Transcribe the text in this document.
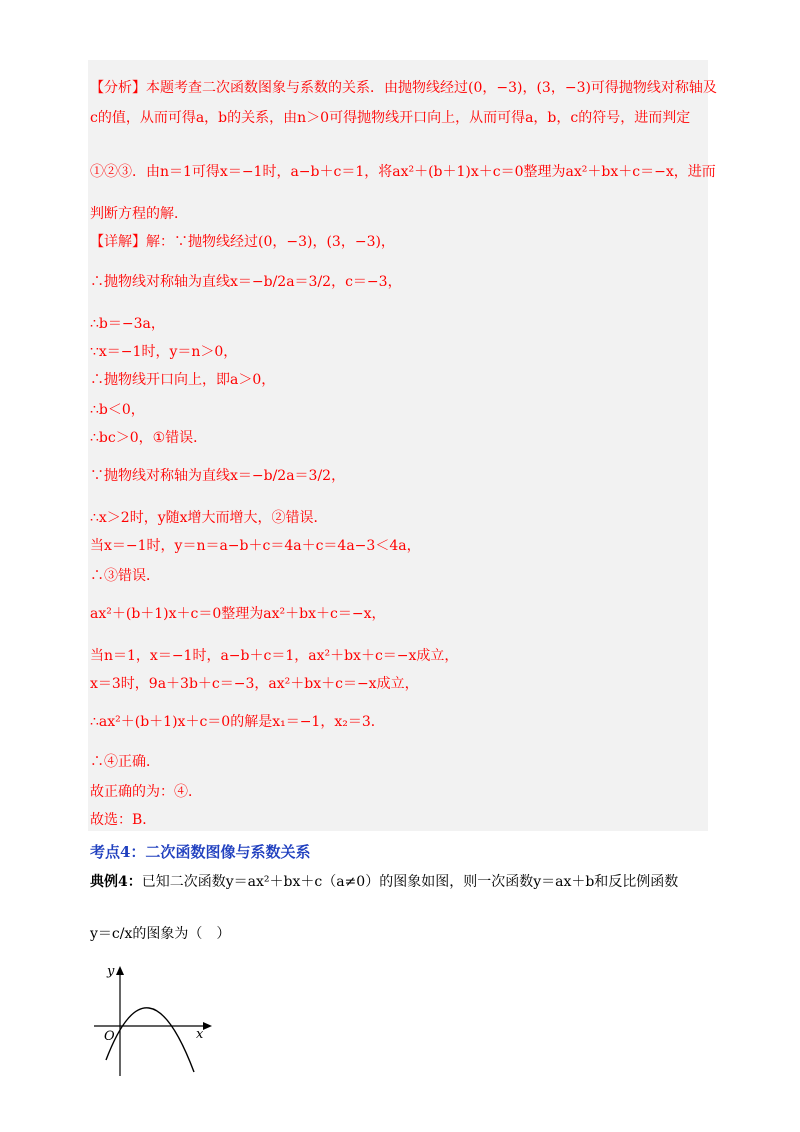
【分析】本题考查二次函数图象与系数的关系．由抛物线经过(0，−3)，(3，−3)可得抛物线对称轴及
c的值，从而可得a，b的关系，由n＞0可得抛物线开口向上，从而可得a，b，c的符号，进而判定
①②③．由n＝1可得x＝−1时，a−b＋c＝1，将ax²＋(b＋1)x＋c＝0整理为ax²＋bx＋c＝−x，进而
判断方程的解．
【详解】解：∵抛物线经过(0，−3)，(3，−3)，
∴抛物线对称轴为直线x＝−b/2a＝3/2，c＝−3，
∴b＝−3a，
∵x＝−1时，y＝n＞0，
∴抛物线开口向上，即a＞0，
∴b＜0，
∴bc＞0，①错误．
∵抛物线对称轴为直线x＝−b/2a＝3/2，
∴x＞2时，y随x增大而增大，②错误．
当x＝−1时，y＝n＝a−b＋c＝4a＋c＝4a−3＜4a，
∴③错误．
ax²＋(b＋1)x＋c＝0整理为ax²＋bx＋c＝−x，
当n＝1，x＝−1时，a−b＋c＝1，ax²＋bx＋c＝−x成立，
x＝3时，9a＋3b＋c＝−3，ax²＋bx＋c＝−x成立，
∴ax²＋(b＋1)x＋c＝0的解是x₁＝−1，x₂＝3．
∴④正确．
故正确的为：④．
故选：B．
考点4：二次函数图像与系数关系
典例4：已知二次函数y＝ax²＋bx＋c（a≠0）的图象如图，则一次函数y＝ax＋b和反比例函数
y＝c/x的图象为（　）
y
x
O
